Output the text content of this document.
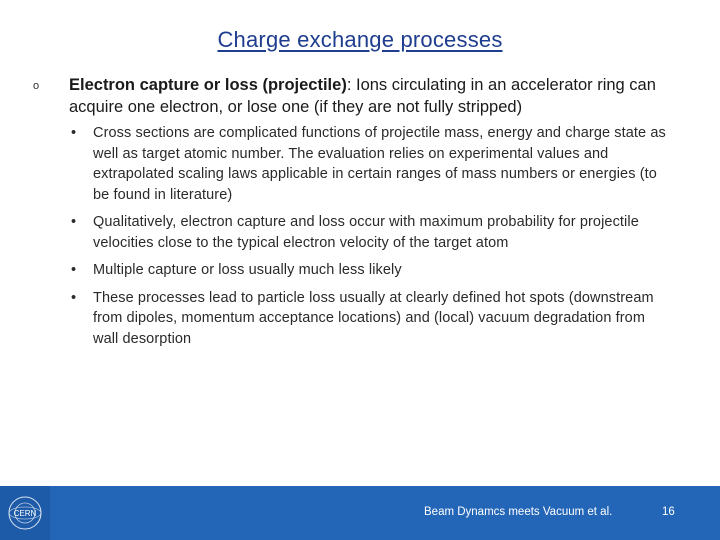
Charge exchange processes
o Electron capture or loss (projectile): Ions circulating in an accelerator ring can acquire one electron, or lose one (if they are not fully stripped)
• Cross sections are complicated functions of projectile mass, energy and charge state as well as target atomic number. The evaluation relies on experimental values and extrapolated scaling laws applicable in certain ranges of mass numbers or energies (to be found in literature)
• Qualitatively, electron capture and loss occur with maximum probability for projectile velocities close to the typical electron velocity of the target atom
• Multiple capture or loss usually much less likely
• These processes lead to particle loss usually at clearly defined hot spots (downstream from dipoles, momentum acceptance locations) and (local) vacuum degradation from wall desorption
CERN	Beam Dynamcs meets Vacuum et al.	16
